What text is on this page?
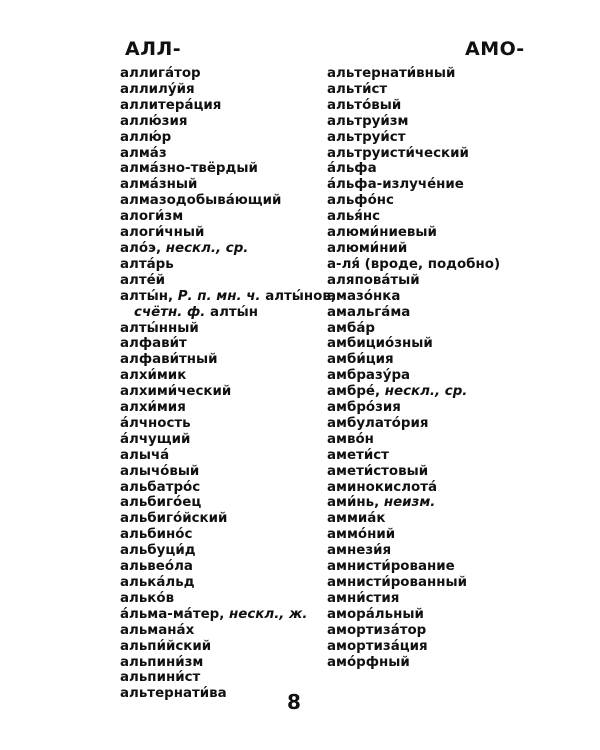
АЛЛ-	АМО-
аллига́тор
аллилу́йя
аллитера́ция
аллю́зия
аллю́р
алма́з
алма́зно-твёрдый
алма́зный
алмазодобыва́ющий
алоги́зм
алоги́чный
ало́э, нескл., ср.
алта́рь
алте́й
алты́н, Р. п. мн. ч. алты́нов,
счётн. ф. алты́н
алты́нный
алфави́т
алфави́тный
алхи́мик
алхими́ческий
алхи́мия
а́лчность
а́лчущий
алыча́
алычо́вый
альбатро́с
альбиго́ец
альбиго́йский
альбино́с
альбуци́д
альвео́ла
алька́льд
алько́в
а́льма-ма́тер, нескл., ж.
альмана́х
альпи́йский
альпини́зм
альпини́ст
альтернати́ва
альтернати́вный
альти́ст
альто́вый
альтруи́зм
альтруи́ст
альтруисти́ческий
а́льфа
а́льфа-излуче́ние
альфо́нс
алья́нс
алюми́ниевый
алюми́ний
а-ля́ (вроде, подобно)
аляпова́тый
амазо́нка
амальга́ма
амба́р
амбицио́зный
амби́ция
амбразу́ра
амбре́, нескл., ср.
амбро́зия
амбулато́рия
амво́н
амети́ст
амети́стовый
аминокислота́
ами́нь, неизм.
аммиа́к
аммо́ний
амнези́я
амнисти́рование
амнисти́рованный
амни́стия
амора́льный
амортиза́тор
амортиза́ция
амо́рфный
8
